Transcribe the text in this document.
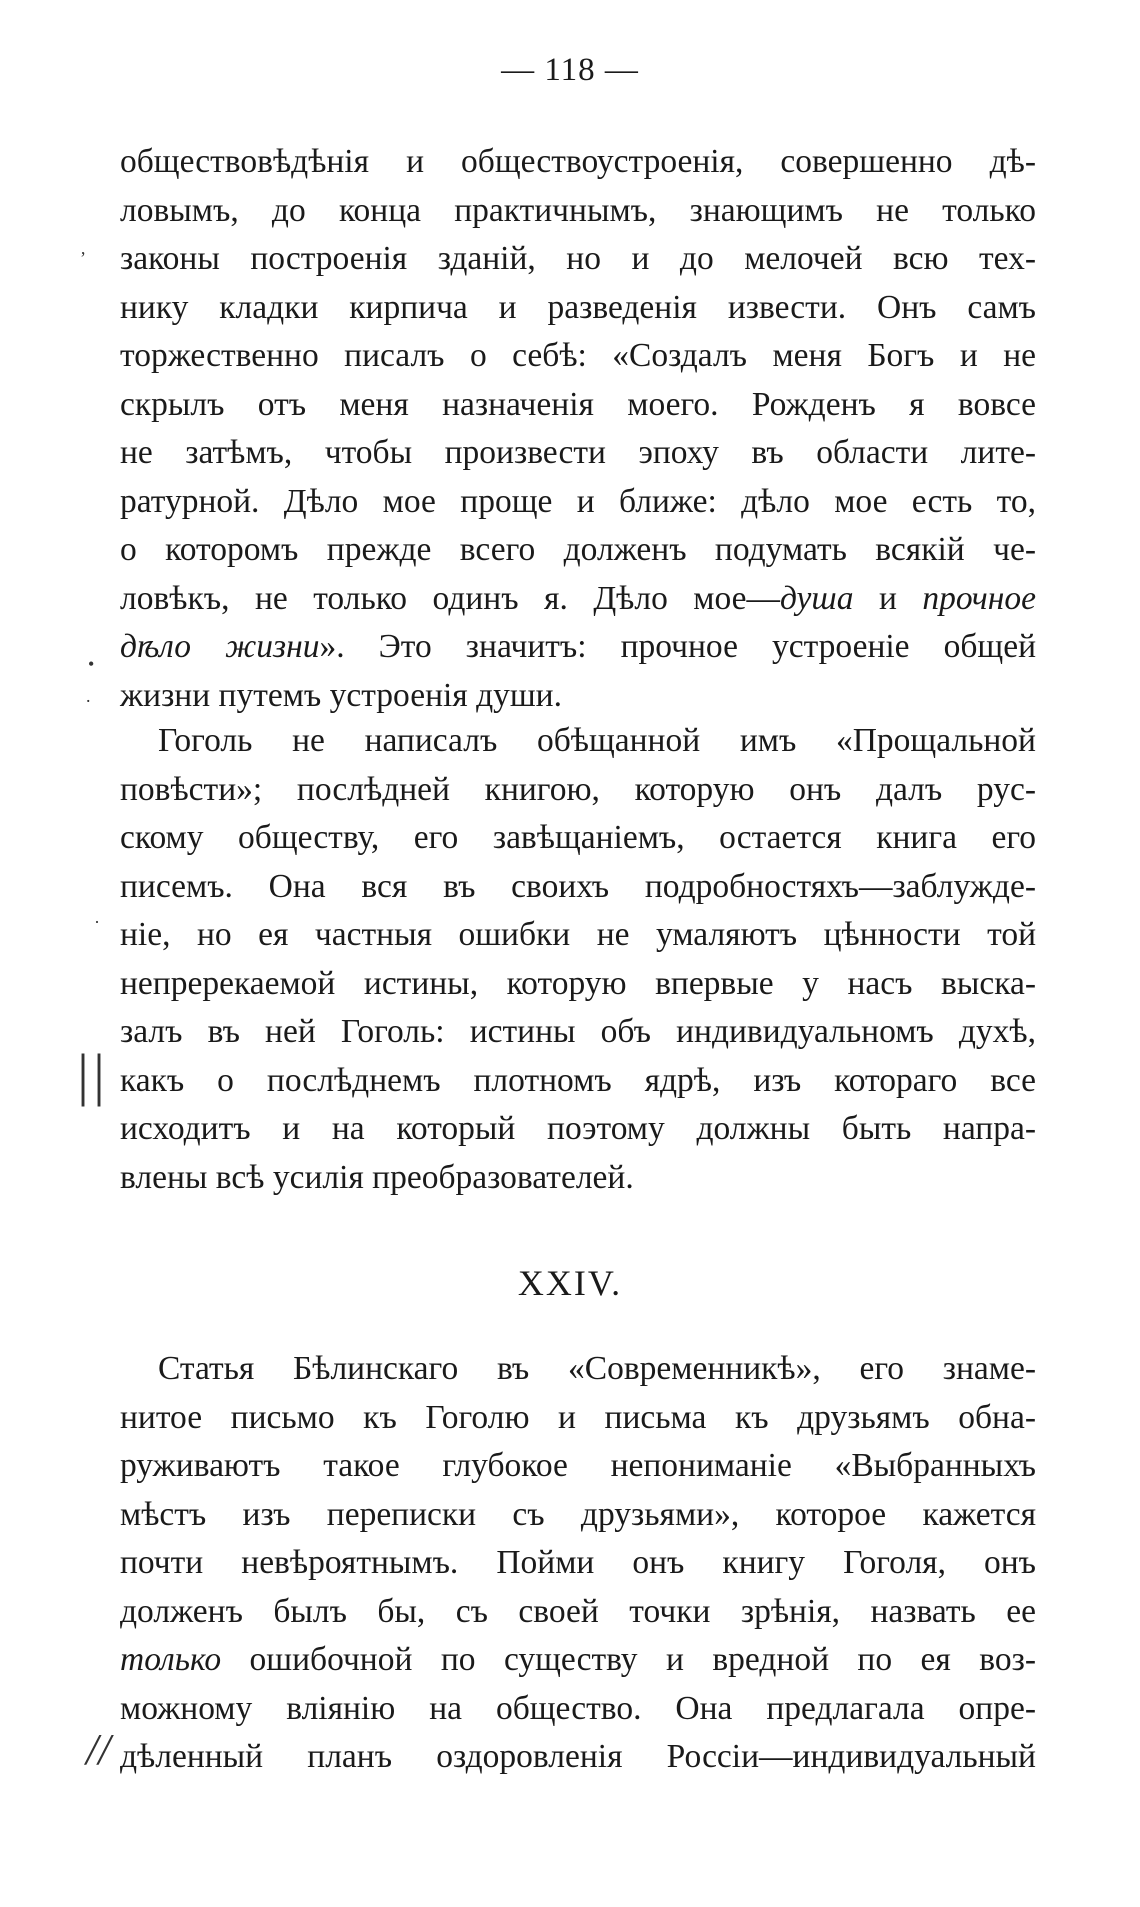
— 118 —
обществовѣдѣнія и обществоустроенія, совершенно дѣ-
ловымъ, до конца практичнымъ, знающимъ не только
законы построенія зданій, но и до мелочей всю тех-
нику кладки кирпича и разведенія извести. Онъ самъ
торжественно писалъ о себѣ: «Создалъ меня Богъ и не
скрылъ отъ меня назначенія моего. Рожденъ я вовсе
не затѣмъ, чтобы произвести эпоху въ области лите-
ратурной. Дѣло мое проще и ближе: дѣло мое есть то,
о которомъ прежде всего долженъ подумать всякій че-
ловѣкъ, не только одинъ я. Дѣло мое—душа и прочное
дѣло жизни». Это значитъ: прочное устроеніе общей
жизни путемъ устроенія души.
Гоголь не написалъ обѣщанной имъ «Прощальной
повѣсти»; послѣдней книгою, которую онъ далъ рус-
скому обществу, его завѣщаніемъ, остается книга его
писемъ. Она вся въ своихъ подробностяхъ—заблужде-
ніе, но ея частныя ошибки не умаляютъ цѣнности той
непререкаемой истины, которую впервые у насъ выска-
залъ въ ней Гоголь: истины объ индивидуальномъ духѣ,
какъ о послѣднемъ плотномъ ядрѣ, изъ котораго все
исходитъ и на который поэтому должны быть напра-
влены всѣ усилія преобразователей.
XXIV.
Статья Бѣлинскаго въ «Современникѣ», его знаме-
нитое письмо къ Гоголю и письма къ друзьямъ обна-
руживаютъ такое глубокое непониманіе «Выбранныхъ
мѣстъ изъ переписки съ друзьями», которое кажется
почти невѣроятнымъ. Пойми онъ книгу Гоголя, онъ
долженъ былъ бы, съ своей точки зрѣнія, назвать ее
только ошибочной по существу и вредной по ея воз-
можному вліянію на общество. Она предлагала опре-
дѣленный планъ оздоровленія Россіи—индивидуальный
ʼ
•
.
·
||
//
